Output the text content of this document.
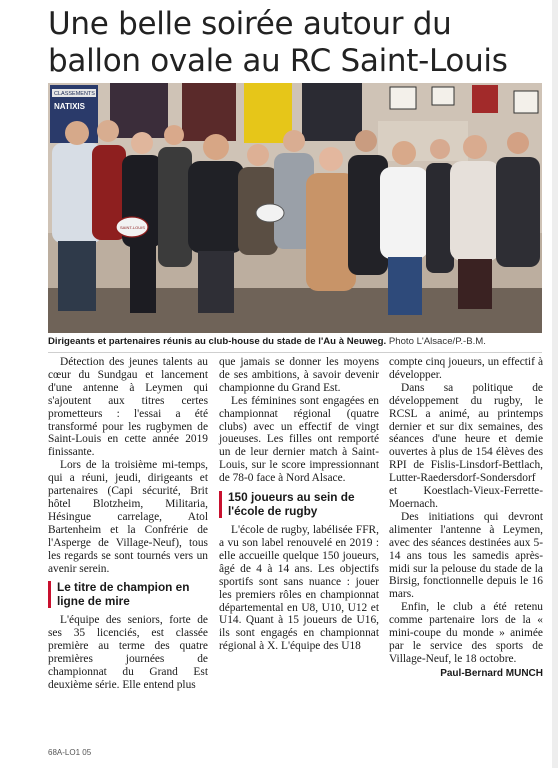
Une belle soirée autour du ballon ovale au RC Saint-Louis
CLASSEMENTS
NATIXIS
SAINT-LOUIS
Dirigeants et partenaires réunis au club-house du stade de l'Au à Neuweg. Photo L'Alsace/P.-B.M.

Détection des jeunes talents au cœur du Sundgau et lancement d'une antenne à Leymen qui s'ajoutent aux titres certes prometteurs : l'essai a été transformé pour les rugbymen de Saint-Louis en cette année 2019 finissante.

Lors de la troisième mi-temps, qui a réuni, jeudi, dirigeants et partenaires (Capi sécurité, Brit hôtel Blotzheim, Militaria, Hésingue carrelage, Atol Bartenheim et la Confrérie de l'Asperge de Village-Neuf), tous les regards se sont tournés vers un avenir serein.

Le titre de champion en ligne de mire

L'équipe des seniors, forte de ses 35 licenciés, est classée première au terme des quatre premières journées de championnat du Grand Est deuxième série. Elle entend plus

que jamais se donner les moyens de ses ambitions, à savoir devenir championne du Grand Est.

Les féminines sont engagées en championnat régional (quatre clubs) avec un effectif de vingt joueuses. Les filles ont remporté un de leur dernier match à Saint-Louis, sur le score impressionnant de 78-0 face à Nord Alsace.

150 joueurs au sein de l'école de rugby

L'école de rugby, labélisée FFR, a vu son label renouvelé en 2019 : elle accueille quelque 150 joueurs, âgé de 4 à 14 ans. Les objectifs sportifs sont sans nuance : jouer les premiers rôles en championnat départemental en U8, U10, U12 et U14. Quant à 15 joueurs de U16, ils sont engagés en championnat régional à X. L'équipe des U18

compte cinq joueurs, un effectif à développer.

Dans sa politique de développement du rugby, le RCSL a animé, au printemps dernier et sur dix semaines, des séances d'une heure et demie ouvertes à plus de 154 élèves des RPI de Fislis-Linsdorf-Bettlach, Lutter-Raedersdorf-Sondersdorf et Koestlach-Vieux-Ferrette-Moernach.

Des initiations qui devront alimenter l'antenne à Leymen, avec des séances destinées aux 5-14 ans tous les samedis après-midi sur la pelouse du stade de la Birsig, fonctionnelle depuis le 16 mars.

Enfin, le club a été retenu comme partenaire lors de la « mini-coupe du monde » animée par le service des sports de Village-Neuf, le 18 octobre.

Paul-Bernard MUNCH
68A-LO1 05
